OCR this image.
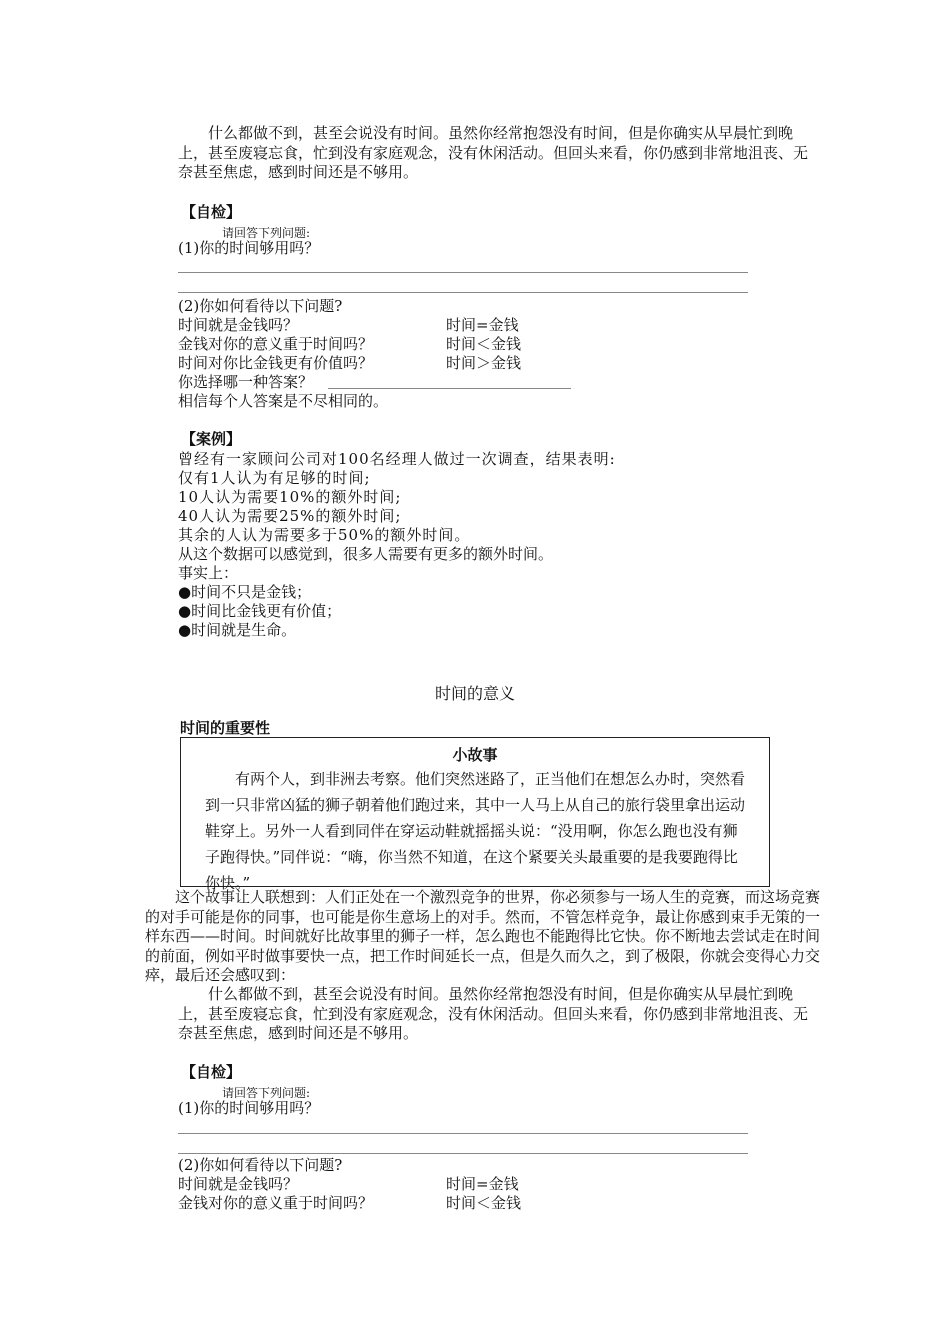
什么都做不到，甚至会说没有时间。虽然你经常抱怨没有时间，但是你确实从早晨忙到晚上，甚至废寝忘食，忙到没有家庭观念，没有休闲活动。但回头来看，你仍感到非常地沮丧、无奈甚至焦虑，感到时间还是不够用。
【自检】
请回答下列问题:
(1)你的时间够用吗？
(2)你如何看待以下问题?
时间就是金钱吗？	时间=金钱
金钱对你的意义重于时间吗？	时间＜金钱
时间对你比金钱更有价值吗？	时间＞金钱
你选择哪一种答案？
相信每个人答案是不尽相同的。
【案例】
曾经有一家顾问公司对100名经理人做过一次调查，结果表明:
仅有1人认为有足够的时间;
10人认为需要10%的额外时间;
40人认为需要25%的额外时间;
其余的人认为需要多于50%的额外时间。
从这个数据可以感觉到，很多人需要有更多的额外时间。
事实上：
●时间不只是金钱；
●时间比金钱更有价值；
●时间就是生命。
时间的意义
时间的重要性
小故事
有两个人，到非洲去考察。他们突然迷路了，正当他们在想怎么办时，突然看到一只非常凶猛的狮子朝着他们跑过来，其中一人马上从自己的旅行袋里拿出运动鞋穿上。另外一人看到同伴在穿运动鞋就摇摇头说：“没用啊，你怎么跑也没有狮子跑得快。”同伴说：“嗨，你当然不知道，在这个紧要关头最重要的是我要跑得比你快。”
这个故事让人联想到：人们正处在一个激烈竞争的世界，你必须参与一场人生的竞赛，而这场竞赛的对手可能是你的同事，也可能是你生意场上的对手。然而，不管怎样竞争，最让你感到束手无策的一样东西——时间。时间就好比故事里的狮子一样，怎么跑也不能跑得比它快。你不断地去尝试走在时间的前面，例如平时做事要快一点，把工作时间延长一点，但是久而久之，到了极限，你就会变得心力交瘁，最后还会感叹到：
什么都做不到，甚至会说没有时间。虽然你经常抱怨没有时间，但是你确实从早晨忙到晚上，甚至废寝忘食，忙到没有家庭观念，没有休闲活动。但回头来看，你仍感到非常地沮丧、无奈甚至焦虑，感到时间还是不够用。
【自检】
请回答下列问题:
(1)你的时间够用吗？
(2)你如何看待以下问题?
时间就是金钱吗？	时间=金钱
金钱对你的意义重于时间吗？	时间＜金钱
